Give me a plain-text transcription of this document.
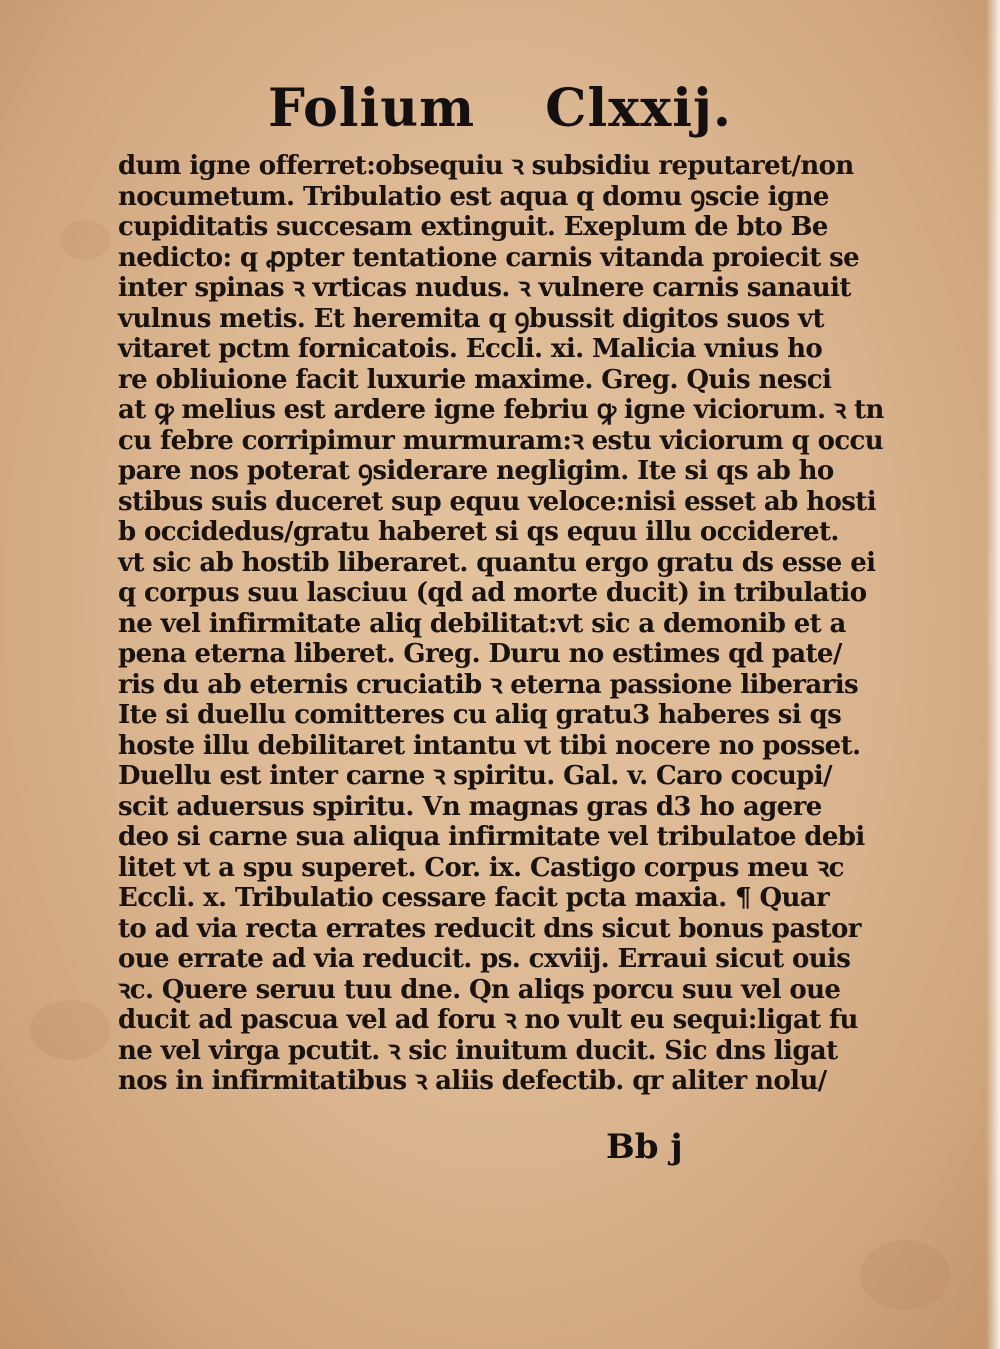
Folium Clxxij.
dum igne offerret:obsequiu ꝛ subsidiu reputaret/non
nocumetum. Tribulatio est aqua q domu ꝯscie igne
cupiditatis succesam extinguit. Exeplum de bto Be
nedicto: q ꝓpter tentatione carnis vitanda proiecit se
inter spinas ꝛ vrticas nudus. ꝛ vulnere carnis sanauit
vulnus metis. Et heremita q ꝯbussit digitos suos vt
vitaret pctm fornicatois. Eccli. xi. Malicia vnius ho
re obliuione facit luxurie maxime. Greg. Quis nesci
at ꝙ melius est ardere igne febriu ꝙ igne viciorum. ꝛ tn
cu febre corripimur murmuram:ꝛ estu viciorum q occu
pare nos poterat ꝯsiderare negligim. Ite si qs ab ho
stibus suis duceret sup equu veloce:nisi esset ab hosti
b occidedus/gratu haberet si qs equu illu occideret.
vt sic ab hostib liberaret. quantu ergo gratu ds esse ei
q corpus suu lasciuu (qd ad morte ducit) in tribulatio
ne vel infirmitate aliq debilitat:vt sic a demonib et a
pena eterna liberet. Greg. Duru no estimes qd pate/
ris du ab eternis cruciatib ꝛ eterna passione liberaris
Ite si duellu comitteres cu aliq gratu3 haberes si qs
hoste illu debilitaret intantu vt tibi nocere no posset.
Duellu est inter carne ꝛ spiritu. Gal. v. Caro cocupi/
scit aduersus spiritu. Vn magnas gras d3 ho agere
deo si carne sua aliqua infirmitate vel tribulatoe debi
litet vt a spu superet. Cor. ix. Castigo corpus meu ꝛc
Eccli. x. Tribulatio cessare facit pcta maxia. ¶ Quar
to ad via recta errates reducit dns sicut bonus pastor
oue errate ad via reducit. ps. cxviij. Erraui sicut ouis
ꝛc. Quere seruu tuu dne. Qn aliqs porcu suu vel oue
ducit ad pascua vel ad foru ꝛ no vult eu sequi:ligat fu
ne vel virga pcutit. ꝛ sic inuitum ducit. Sic dns ligat
nos in infirmitatibus ꝛ aliis defectib. qr aliter nolu/
Bb j
